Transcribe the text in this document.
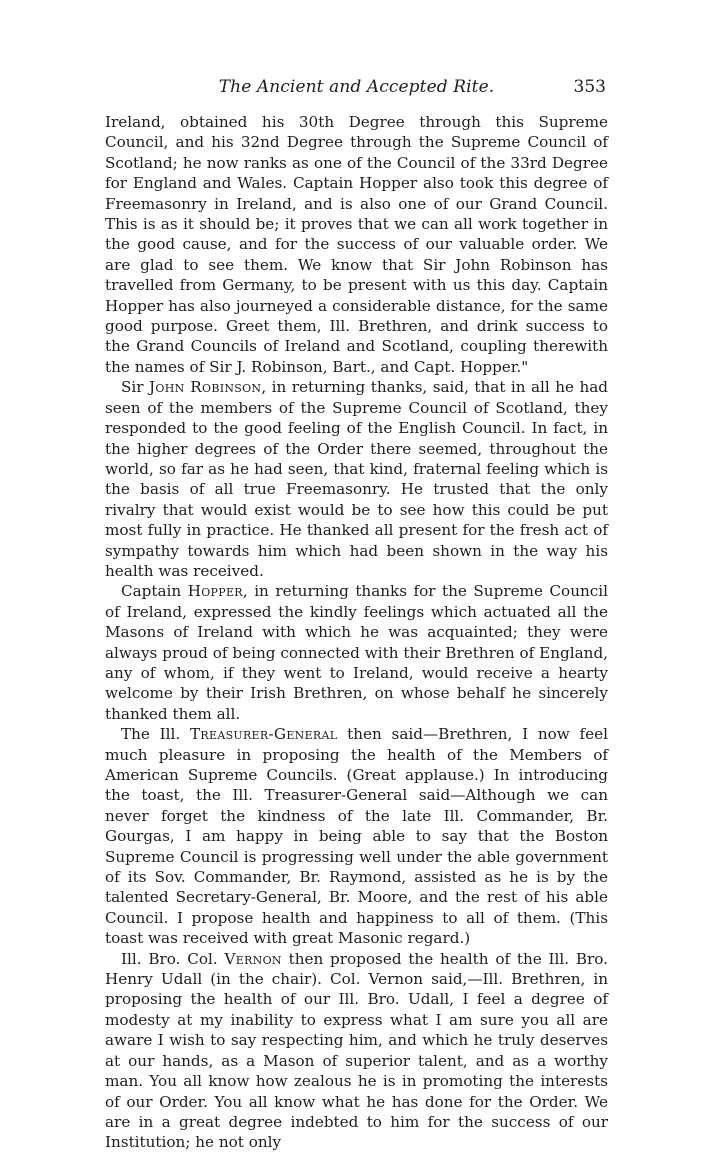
The Ancient and Accepted Rite.	353

Ireland, obtained his 30th Degree through this Supreme Council, and his 32nd Degree through the Supreme Council of Scotland; he now ranks as one of the Council of the 33rd Degree for England and Wales. Captain Hopper also took this degree of Freemasonry in Ireland, and is also one of our Grand Council. This is as it should be; it proves that we can all work together in the good cause, and for the success of our valuable order. We are glad to see them. We know that Sir John Robinson has travelled from Germany, to be present with us this day. Captain Hopper has also journeyed a considerable distance, for the same good purpose. Greet them, Ill. Brethren, and drink success to the Grand Councils of Ireland and Scotland, coupling therewith the names of Sir J. Robinson, Bart., and Capt. Hopper."

Sir John Robinson, in returning thanks, said, that in all he had seen of the members of the Supreme Council of Scotland, they responded to the good feeling of the English Council. In fact, in the higher degrees of the Order there seemed, throughout the world, so far as he had seen, that kind, fraternal feeling which is the basis of all true Freemasonry. He trusted that the only rivalry that would exist would be to see how this could be put most fully in practice. He thanked all present for the fresh act of sympathy towards him which had been shown in the way his health was received.

Captain Hopper, in returning thanks for the Supreme Council of Ireland, expressed the kindly feelings which actuated all the Masons of Ireland with which he was acquainted; they were always proud of being connected with their Brethren of England, any of whom, if they went to Ireland, would receive a hearty welcome by their Irish Brethren, on whose behalf he sincerely thanked them all.

The Ill. Treasurer-General then said—Brethren, I now feel much pleasure in proposing the health of the Members of American Supreme Councils. (Great applause.) In introducing the toast, the Ill. Treasurer-General said—Although we can never forget the kindness of the late Ill. Commander, Br. Gourgas, I am happy in being able to say that the Boston Supreme Council is progressing well under the able government of its Sov. Commander, Br. Raymond, assisted as he is by the talented Secretary-General, Br. Moore, and the rest of his able Council. I propose health and happiness to all of them. (This toast was received with great Masonic regard.)

Ill. Bro. Col. Vernon then proposed the health of the Ill. Bro. Henry Udall (in the chair). Col. Vernon said,—Ill. Brethren, in proposing the health of our Ill. Bro. Udall, I feel a degree of modesty at my inability to express what I am sure you all are aware I wish to say respecting him, and which he truly deserves at our hands, as a Mason of superior talent, and as a worthy man. You all know how zealous he is in promoting the interests of our Order. You all know what he has done for the Order. We are in a great degree indebted to him for the success of our Institution; he not only
